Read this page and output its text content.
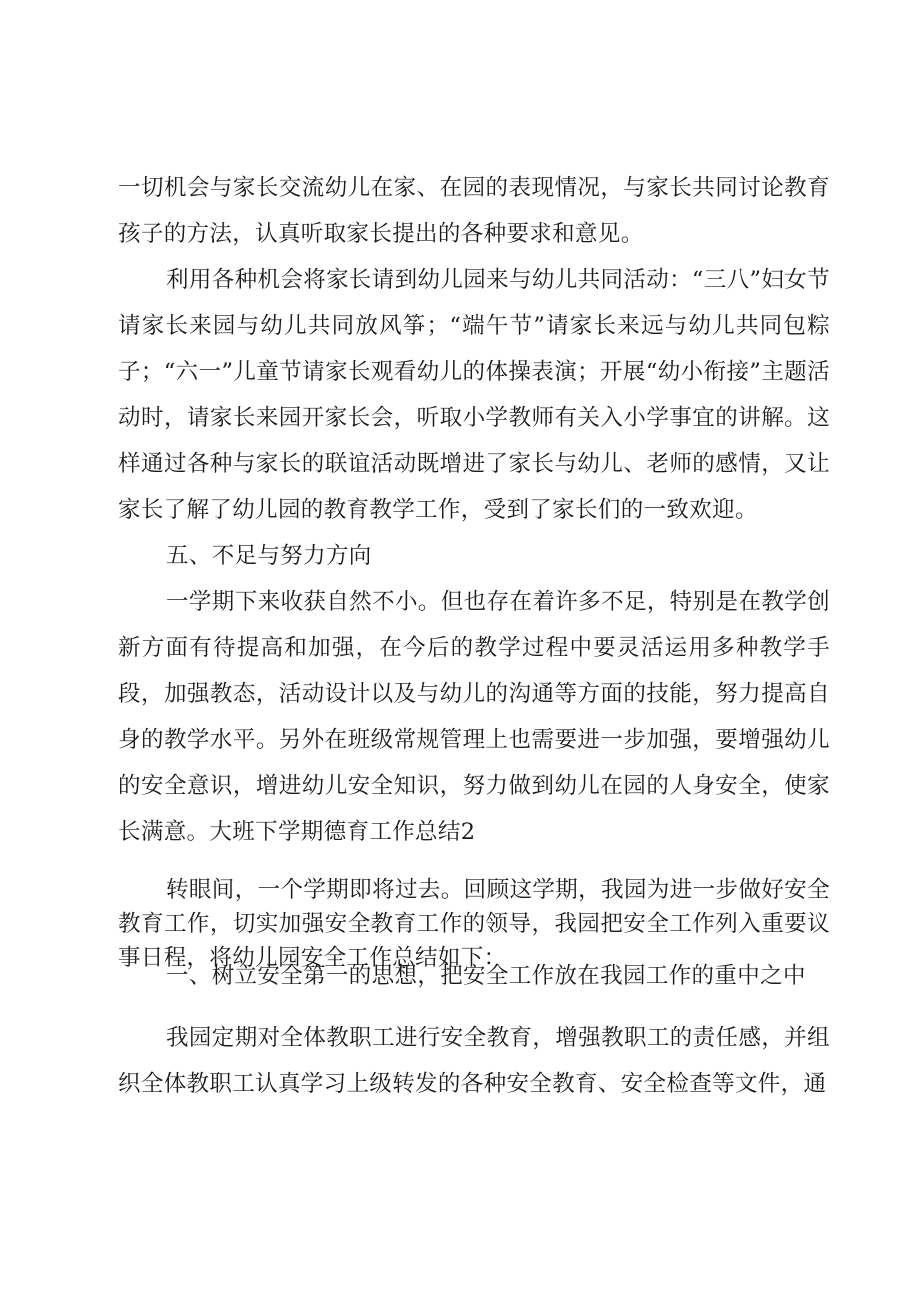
一切机会与家长交流幼儿在家、在园的表现情况，与家长共同讨论教育孩子的方法，认真听取家长提出的各种要求和意见。

利用各种机会将家长请到幼儿园来与幼儿共同活动：“三八”妇女节请家长来园与幼儿共同放风筝；“端午节”请家长来远与幼儿共同包粽子；“六一”儿童节请家长观看幼儿的体操表演；开展“幼小衔接”主题活动时，请家长来园开家长会，听取小学教师有关入小学事宜的讲解。这样通过各种与家长的联谊活动既增进了家长与幼儿、老师的感情，又让家长了解了幼儿园的教育教学工作，受到了家长们的一致欢迎。

五、不足与努力方向

一学期下来收获自然不小。但也存在着许多不足，特别是在教学创新方面有待提高和加强，在今后的教学过程中要灵活运用多种教学手段，加强教态，活动设计以及与幼儿的沟通等方面的技能，努力提高自身的教学水平。另外在班级常规管理上也需要进一步加强，要增强幼儿的安全意识，增进幼儿安全知识，努力做到幼儿在园的人身安全，使家长满意。大班下学期德育工作总结2

转眼间，一个学期即将过去。回顾这学期，我园为进一步做好安全教育工作，切实加强安全教育工作的领导，我园把安全工作列入重要议事日程，将幼儿园安全工作总结如下：

一、树立安全第一的思想，把安全工作放在我园工作的重中之中

我园定期对全体教职工进行安全教育，增强教职工的责任感，并组织全体教职工认真学习上级转发的各种安全教育、安全检查等文件，通
